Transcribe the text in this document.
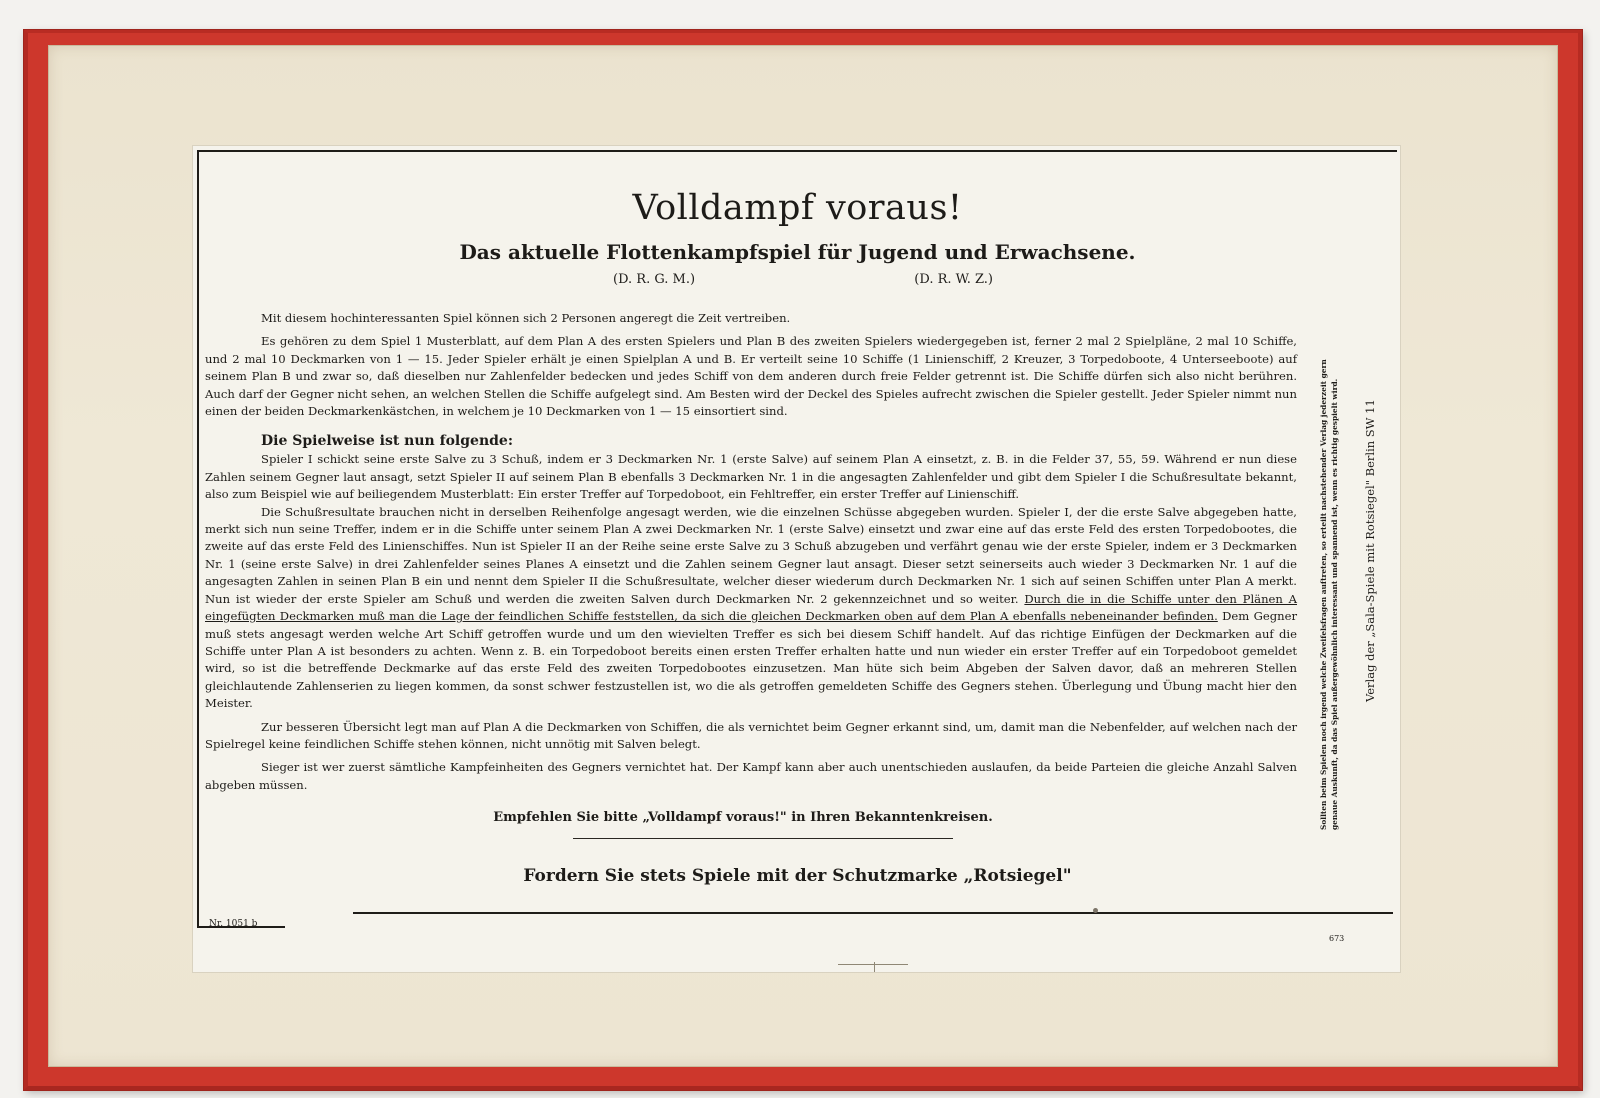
Volldampf voraus!
Das aktuelle Flottenkampfspiel für Jugend und Erwachsene.
(D. R. G. M.)	(D. R. W. Z.)

Mit diesem hochinteressanten Spiel können sich 2 Personen angeregt die Zeit vertreiben.

Es gehören zu dem Spiel 1 Musterblatt, auf dem Plan A des ersten Spielers und Plan B des zweiten Spielers wiedergegeben ist, ferner 2 mal 2 Spielpläne, 2 mal 10 Schiffe, und 2 mal 10 Deckmarken von 1 — 15. Jeder Spieler erhält je einen Spielplan A und B. Er verteilt seine 10 Schiffe (1 Linienschiff, 2 Kreuzer, 3 Torpedoboote, 4 Unterseeboote) auf seinem Plan B und zwar so, daß dieselben nur Zahlenfelder bedecken und jedes Schiff von dem anderen durch freie Felder getrennt ist. Die Schiffe dürfen sich also nicht berühren. Auch darf der Gegner nicht sehen, an welchen Stellen die Schiffe aufgelegt sind. Am Besten wird der Deckel des Spieles aufrecht zwischen die Spieler gestellt. Jeder Spieler nimmt nun einen der beiden Deckmarkenkästchen, in welchem je 10 Deckmarken von 1 — 15 einsortiert sind.

Die Spielweise ist nun folgende:

Spieler I schickt seine erste Salve zu 3 Schuß, indem er 3 Deckmarken Nr. 1 (erste Salve) auf seinem Plan A einsetzt, z. B. in die Felder 37, 55, 59. Während er nun diese Zahlen seinem Gegner laut ansagt, setzt Spieler II auf seinem Plan B ebenfalls 3 Deckmarken Nr. 1 in die angesagten Zahlenfelder und gibt dem Spieler I die Schußresultate bekannt, also zum Beispiel wie auf beiliegendem Musterblatt: Ein erster Treffer auf Torpedoboot, ein Fehltreffer, ein erster Treffer auf Linienschiff.

Die Schußresultate brauchen nicht in derselben Reihenfolge angesagt werden, wie die einzelnen Schüsse abgegeben wurden. Spieler I, der die erste Salve abgegeben hatte, merkt sich nun seine Treffer, indem er in die Schiffe unter seinem Plan A zwei Deckmarken Nr. 1 (erste Salve) einsetzt und zwar eine auf das erste Feld des ersten Torpedobootes, die zweite auf das erste Feld des Linienschiffes. Nun ist Spieler II an der Reihe seine erste Salve zu 3 Schuß abzugeben und verfährt genau wie der erste Spieler, indem er 3 Deckmarken Nr. 1 (seine erste Salve) in drei Zahlenfelder seines Planes A einsetzt und die Zahlen seinem Gegner laut ansagt. Dieser setzt seinerseits auch wieder 3 Deckmarken Nr. 1 auf die angesagten Zahlen in seinen Plan B ein und nennt dem Spieler II die Schußresultate, welcher dieser wiederum durch Deckmarken Nr. 1 sich auf seinen Schiffen unter Plan A merkt. Nun ist wieder der erste Spieler am Schuß und werden die zweiten Salven durch Deckmarken Nr. 2 gekennzeichnet und so weiter. Durch die in die Schiffe unter den Plänen A eingefügten Deckmarken muß man die Lage der feindlichen Schiffe feststellen, da sich die gleichen Deckmarken oben auf dem Plan A ebenfalls nebeneinander befinden. Dem Gegner muß stets angesagt werden welche Art Schiff getroffen wurde und um den wievielten Treffer es sich bei diesem Schiff handelt. Auf das richtige Einfügen der Deckmarken auf die Schiffe unter Plan A ist besonders zu achten. Wenn z. B. ein Torpedoboot bereits einen ersten Treffer erhalten hatte und nun wieder ein erster Treffer auf ein Torpedoboot gemeldet wird, so ist die betreffende Deckmarke auf das erste Feld des zweiten Torpedobootes einzusetzen. Man hüte sich beim Abgeben der Salven davor, daß an mehreren Stellen gleichlautende Zahlenserien zu liegen kommen, da sonst schwer festzustellen ist, wo die als getroffen gemeldeten Schiffe des Gegners stehen. Überlegung und Übung macht hier den Meister.

Zur besseren Übersicht legt man auf Plan A die Deckmarken von Schiffen, die als vernichtet beim Gegner erkannt sind, um, damit man die Nebenfelder, auf welchen nach der Spielregel keine feindlichen Schiffe stehen können, nicht unnötig mit Salven belegt.

Sieger ist wer zuerst sämtliche Kampfeinheiten des Gegners vernichtet hat. Der Kampf kann aber auch unentschieden auslaufen, da beide Parteien die gleiche Anzahl Salven abgeben müssen.

Empfehlen Sie bitte „Volldampf voraus!" in Ihren Bekanntenkreisen.
Fordern Sie stets Spiele mit der Schutzmarke „Rotsiegel"
Nr. 1051 b
673
Verlag der „Sala-Spiele mit Rotsiegel" Berlin SW 11

Sollten beim Spielen noch irgend welche Zweifelsfragen auftreten, so erteilt nachstehender Verlag jederzeit gern genaue Auskunft, da das Spiel außergewöhnlich interessant und spannend ist, wenn es richtig gespielt wird.
